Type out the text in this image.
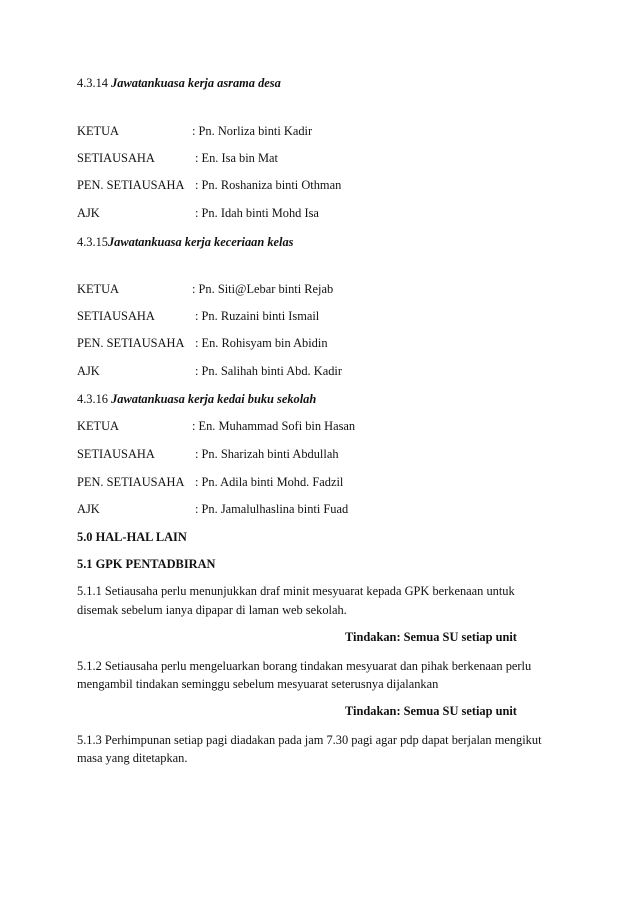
4.3.14 Jawatankuasa kerja asrama desa
KETUA	: Pn. Norliza binti Kadir
SETIAUSAHA	: En. Isa bin Mat
PEN. SETIAUSAHA : Pn. Roshaniza binti Othman
AJK	: Pn. Idah binti Mohd Isa
4.3.15Jawatankuasa kerja keceriaan kelas
KETUA	: Pn. Siti@Lebar binti Rejab
SETIAUSAHA	: Pn. Ruzaini binti Ismail
PEN. SETIAUSAHA : En. Rohisyam bin Abidin
AJK	: Pn. Salihah binti Abd. Kadir
4.3.16 Jawatankuasa kerja kedai buku sekolah
KETUA	: En. Muhammad Sofi bin Hasan
SETIAUSAHA	: Pn. Sharizah binti Abdullah
PEN. SETIAUSAHA : Pn. Adila binti Mohd. Fadzil
AJK	: Pn. Jamalulhaslina binti Fuad
5.0 HAL-HAL LAIN
5.1 GPK PENTADBIRAN
5.1.1 Setiausaha perlu menunjukkan draf minit mesyuarat kepada GPK berkenaan untuk
disemak sebelum ianya dipapar di laman web sekolah.
Tindakan: Semua SU setiap unit
5.1.2 Setiausaha perlu mengeluarkan borang tindakan mesyuarat dan pihak berkenaan perlu
mengambil tindakan seminggu sebelum mesyuarat seterusnya dijalankan
Tindakan: Semua SU setiap unit
5.1.3 Perhimpunan setiap pagi diadakan pada jam 7.30 pagi agar pdp dapat berjalan mengikut
masa yang ditetapkan.
